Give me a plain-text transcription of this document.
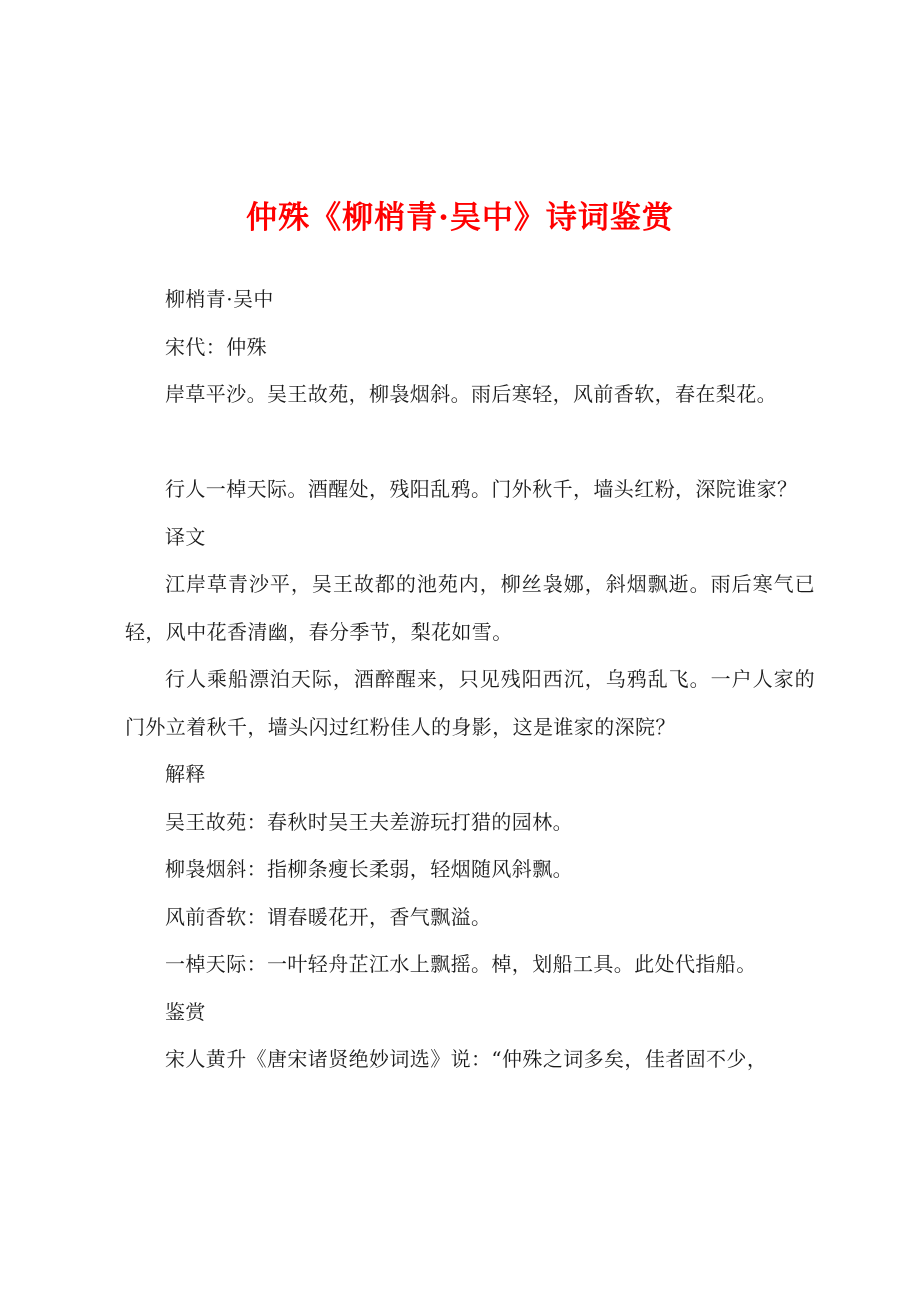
仲殊《柳梢青·吴中》诗词鉴赏

柳梢青·吴中

宋代：仲殊

岸草平沙。吴王故苑，柳袅烟斜。雨后寒轻，风前香软，春在梨花。

行人一棹天际。酒醒处，残阳乱鸦。门外秋千，墙头红粉，深院谁家？

译文

江岸草青沙平，吴王故都的池苑内，柳丝袅娜，斜烟飘逝。雨后寒气已轻，风中花香清幽，春分季节，梨花如雪。

行人乘船漂泊天际，酒醉醒来，只见残阳西沉，乌鸦乱飞。一户人家的门外立着秋千，墙头闪过红粉佳人的身影，这是谁家的深院？

解释

吴王故苑：春秋时吴王夫差游玩打猎的园林。

柳袅烟斜：指柳条瘦长柔弱，轻烟随风斜飘。

风前香软：谓春暖花开，香气飘溢。

一棹天际：一叶轻舟芷江水上飘摇。棹，划船工具。此处代指船。

鉴赏

宋人黄升《唐宋诸贤绝妙词选》说：“仲殊之词多矣，佳者固不少，
